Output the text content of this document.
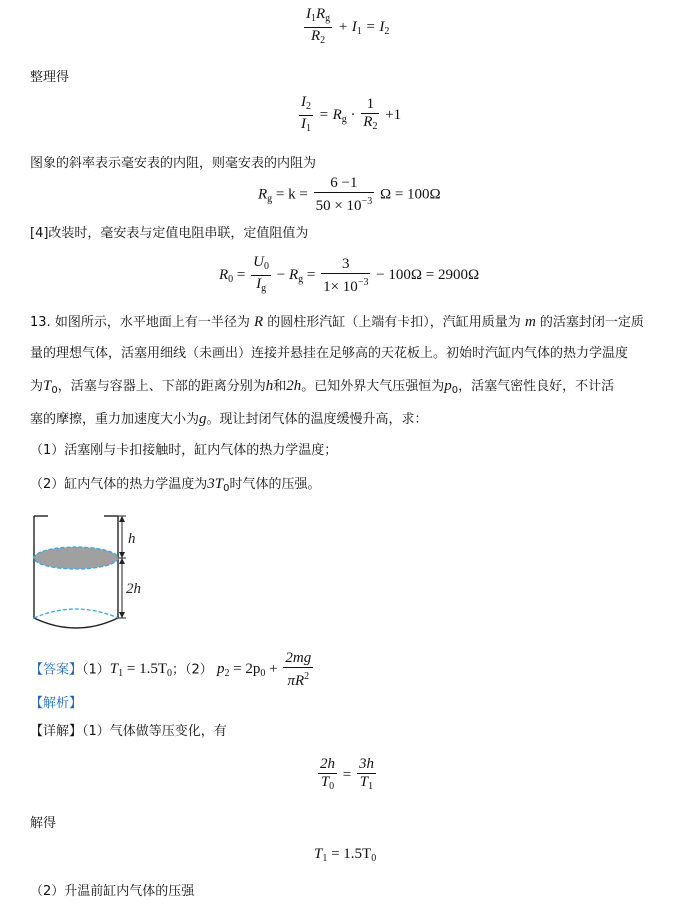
$\frac{I_1R_g}{R_2} + I_1 = I_2$
整理得
$\frac{I_2}{I_1} = R_g \cdot \frac{1}{R_2} +1$
图象的斜率表示毫安表的内阻，则毫安表的内阻为
$R_g = k = \frac{6 -1}{50 \times 10^{-3}}$ Ω = 100Ω
[4]改装时，毫安表与定值电阻串联，定值阻值为
$R_0 = \frac{U_0}{I_g} - R_g = \frac{3}{1\times 10^{-3}} - 100\Omega = 2900\Omega$
13. 如图所示，水平地面上有一半径为 R 的圆柱形汽缸（上端有卡扣），汽缸用质量为 m 的活塞封闭一定质
量的理想气体，活塞用细线（未画出）连接并悬挂在足够高的天花板上。初始时汽缸内气体的热力学温度
为$T_0$，活塞与容器上、下部的距离分别为h和2h。已知外界大气压强恒为$p_0$，活塞气密性良好，不计活
塞的摩擦，重力加速度大小为g。现让封闭气体的温度缓慢升高，求：
（1）活塞刚与卡扣接触时，缸内气体的热力学温度；
（2）缸内气体的热力学温度为$3T_0$时气体的压强。
h
2h
【答案】$(1)T_1 = 1.5T_0$；（2） $p_2 = 2p_0 + \frac{2mg}{\pi R^2}$
【解析】
【详解】（1）气体做等压变化，有
$\frac{2h}{T_0} = \frac{3h}{T_1}$
解得
$T_1 = 1.5T_0$
（2）升温前缸内气体的压强
